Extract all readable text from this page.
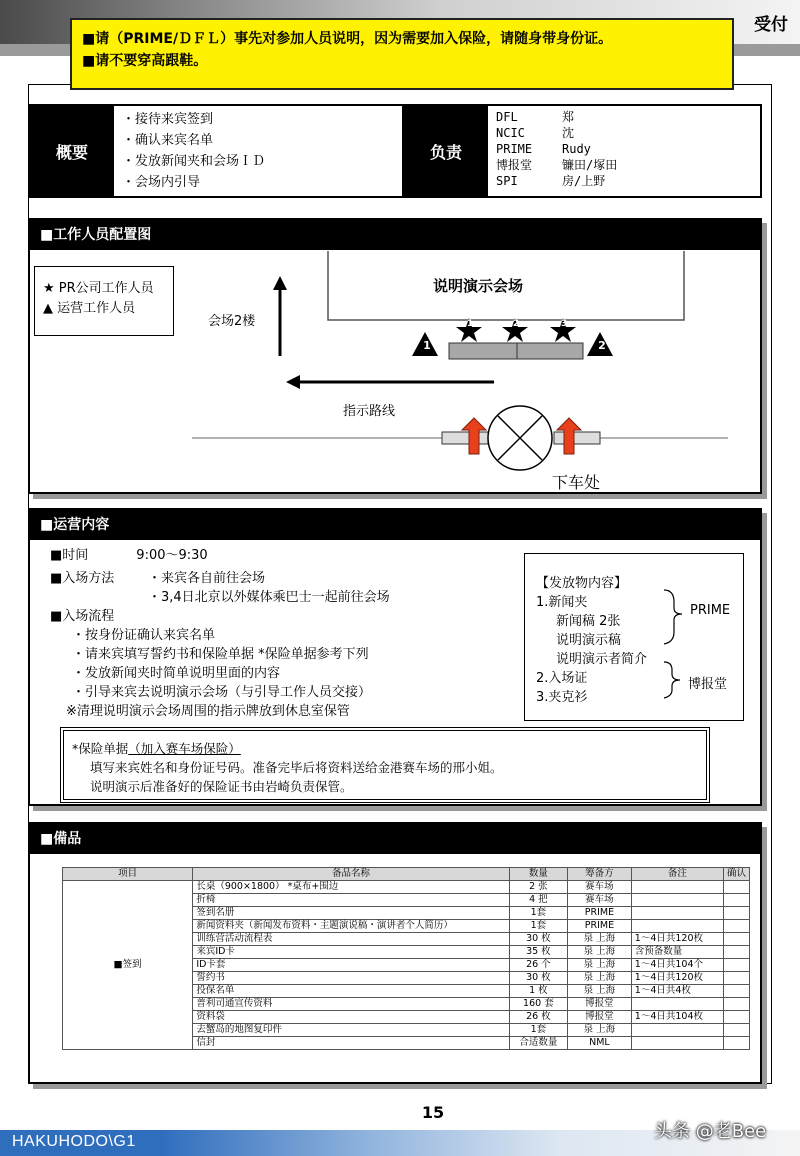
受付
■请（PRIME/ＤＦＬ）事先对参加人员说明，因为需要加入保险，请随身带身份证。
■请不要穿高跟鞋。
概要
・接待来宾签到
・确认来宾名单
・发放新闻夹和会场ＩＤ
・会场内引导
负责
DFL	郑
NCIC	沈
PRIME	Rudy
博报堂	镰田/塚田
SPI	房/上野
■工作人员配置图
★ PR公司工作人员
▲ 运营工作人员
说明演示会场
会场2楼
指示路线
下车处
1	2
1	2	3
■运营内容
■时间	9:00～9:30
■入场方法	・来宾各自前往会场
・3,4日北京以外媒体乘巴士一起前往会场
■入场流程
・按身份证确认来宾名单
・请来宾填写誓约书和保险单据 *保险单据参考下列
・发放新闻夹时简单说明里面的内容
・引导来宾去说明演示会场（与引导工作人员交接）
※清理说明演示会场周围的指示牌放到休息室保管
【发放物内容】
1.新闻夹
新闻稿 2张
说明演示稿
说明演示者简介
2.入场证
3.夹克衫
PRIME
博报堂
*保险单据（加入赛车场保险）
填写来宾姓名和身份证号码。准备完毕后将资料送给金港赛车场的邢小姐。
说明演示后准备好的保险证书由岩崎负责保管。
■備品
项目	备品名称	数量	筹备方	备注	确认
■签到	长桌（900×1800） *桌布+围边	2 张	赛车场		
	折椅	4 把	赛车场		
	签到名册	1套	PRIME		
	新闻资料夹（新闻发布资料・主题演说稿・演讲者个人简历）	1套	PRIME		
	训练营活动流程表	30 枚	泉 上海	1～4日共120枚	
	来宾ID卡	35 枚	泉 上海	含预备数量	
	ID卡套	26 个	泉 上海	1～4日共104个	
	誓约书	30 枚	泉 上海	1～4日共120枚	
	投保名单	1 枚	泉 上海	1～4日共4枚	
	普利司通宣传资料	160 套	博报堂		
	资料袋	26 枚	博报堂	1～4日共104枚	
	去蟹岛的地图复印件	1套	泉 上海		
	信封	合适数量	NML		
15
HAKUHODO\G1	头条 @老Bee
